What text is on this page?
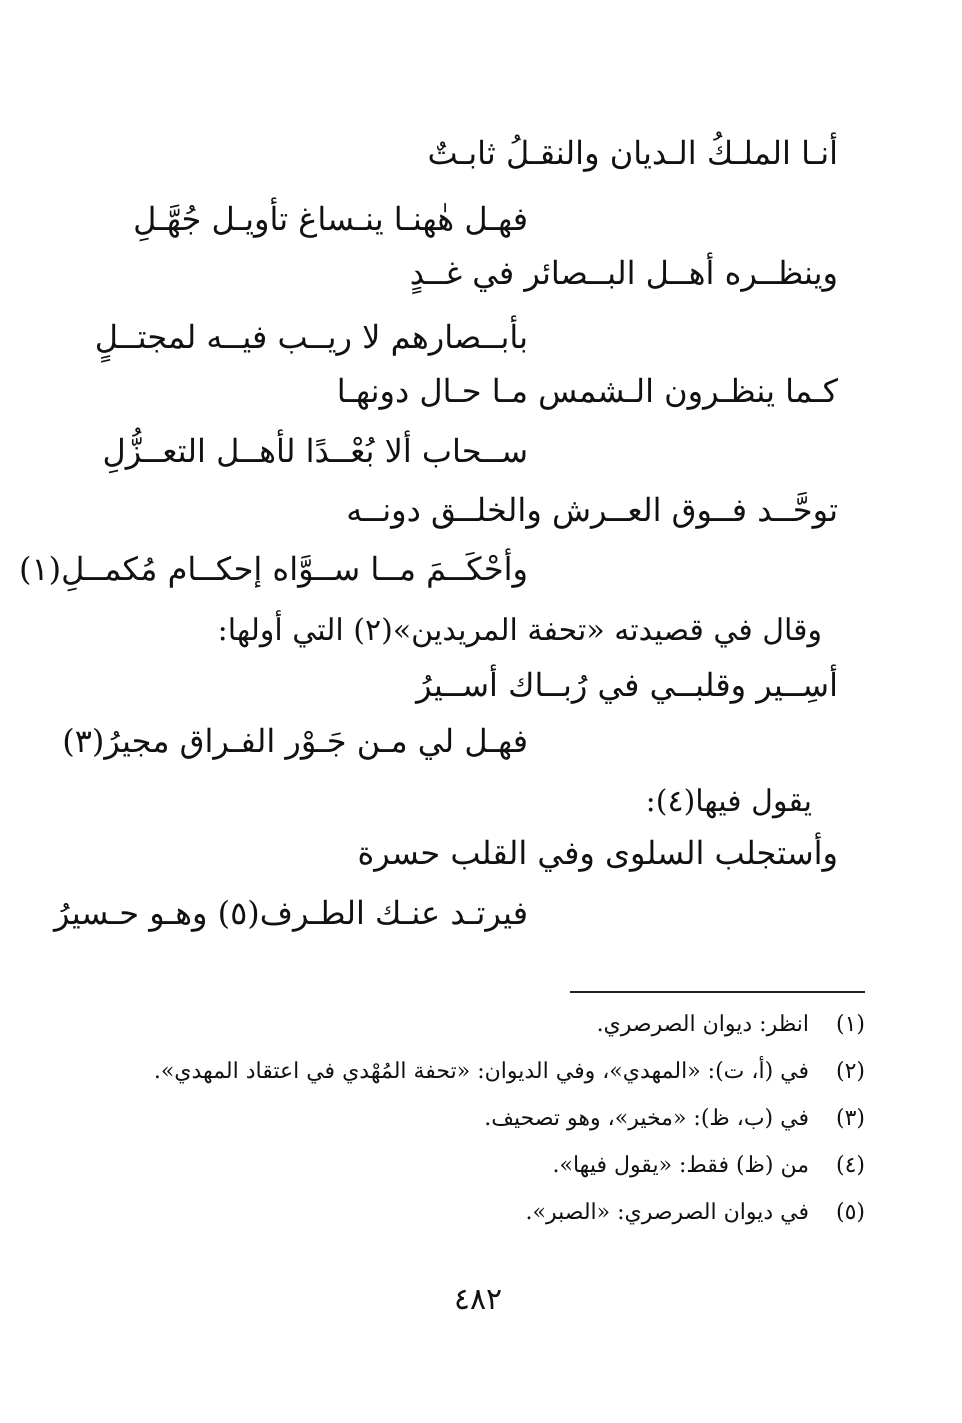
أنـا الملـكُ الـديان والنقـلُ ثابـتٌ
فهـل هٰهنـا ينـساغ تأويـل جُهَّـلِ
وينظــره أهــل البــصائر في غــدٍ
بأبــصارهم لا ريــب فيــه لمجتــلٍ
كـما ينظـرون الـشمس مـا حـال دونهـا
ســحاب ألا بُعْــدًا لأهــل التعــزُّلِ
توحَّــد فــوق العــرش والخلــق دونــه
وأحْكَــمَ مــا ســوَّاه إحكــام مُكمــلِ(١)
وقال في قصيدته «تحفة المريدين»(٢) التي أولها:
أسِــير وقلبــي في رُبــاك أســيرُ
فهـل لي مـن جَـوْر الفـراق مجيرُ(٣)
يقول فيها(٤):
وأستجلب السلوى وفي القلب حسرة
فيرتـد عنـك الطـرف(٥) وهـو حـسيرُ
(١)
انظر: ديوان الصرصري.
(٢)
في (أ، ت): «المهدي»، وفي الديوان: «تحفة المُهْدي في اعتقاد المهدي».
(٣)
في (ب، ظ): «مخير»، وهو تصحيف.
(٤)
من (ظ) فقط: «يقول فيها».
(٥)
في ديوان الصرصري: «الصبر».
٤٨٢
